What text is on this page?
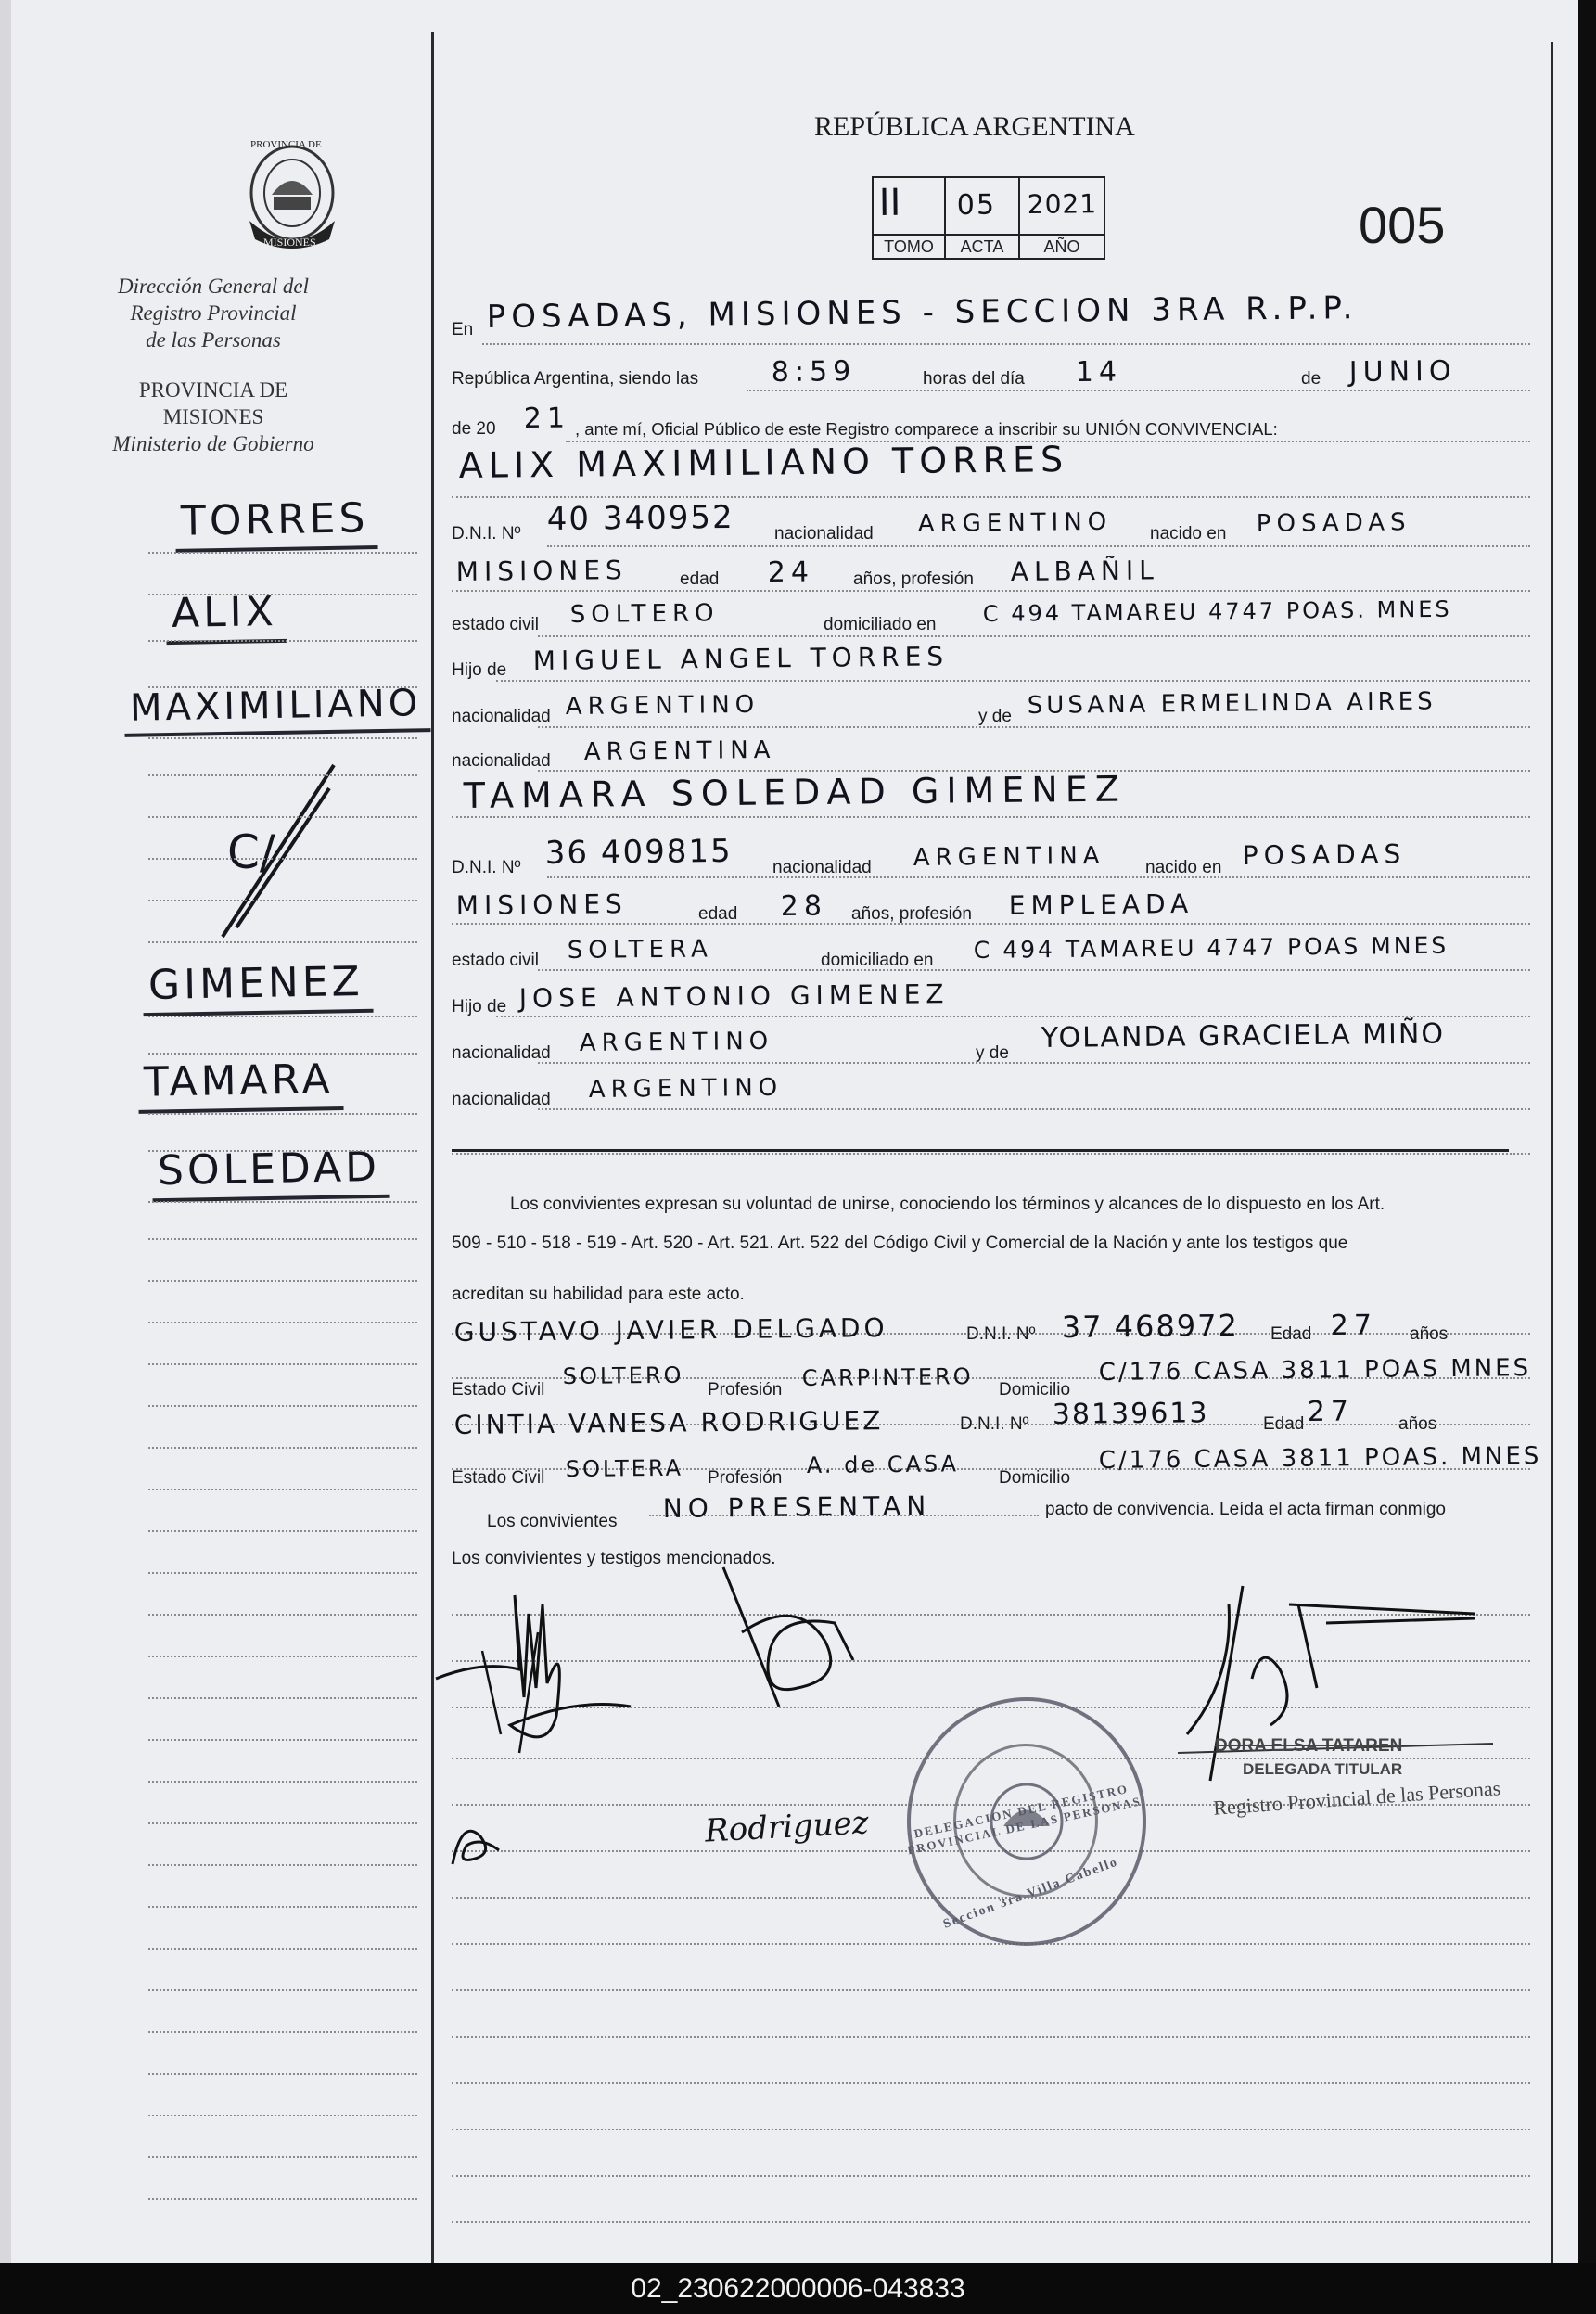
PROVINCIA DE
MISIONES
Dirección General del
Registro Provincial
de las Personas
PROVINCIA DE
MISIONES
Ministerio de Gobierno
TORRES
ALIX
MAXIMILIANO
C/
GIMENEZ
TAMARA
SOLEDAD
REPÚBLICA ARGENTINA
005
II 05 2021
TOMO	ACTA	AÑO
En POSADAS, MISIONES - SECCION 3RA R.P.P.
República Argentina, siendo las	8:59	horas del día 14	de JUNIO
de 20 21 , ante mí, Oficial Público de este Registro comparece a inscribir su UNIÓN CONVIVENCIAL:
ALIX MAXIMILIANO TORRES
D.N.I. Nº 40 340952 nacionalidad ARGENTINO nacido en POSADAS
MISIONES	edad 24 años, profesión ALBAÑIL
estado civil SOLTERO	domiciliado en C 494 TAMAREU 4747 POAS. MNES
Hijo de MIGUEL ANGEL TORRES
nacionalidad ARGENTINO	y de SUSANA ERMELINDA AIRES
nacionalidad ARGENTINA
TAMARA SOLEDAD GIMENEZ
D.N.I. Nº 36 409815 nacionalidad ARGENTINA nacido en POSADAS
MISIONES	edad 28 años, profesión EMPLEADA
estado civil SOLTERA	domiciliado en C 494 TAMAREU 4747 POAS MNES
Hijo de JOSE ANTONIO GIMENEZ
nacionalidad ARGENTINO	y de YOLANDA GRACIELA MIÑO
nacionalidad ARGENTINO
Los convivientes expresan su voluntad de unirse, conociendo los términos y alcances de lo dispuesto en los Art.
509 - 510 - 518 - 519 - Art. 520 - Art. 521. Art. 522 del Código Civil y Comercial de la Nación y ante los testigos que
acreditan su habilidad para este acto.
GUSTAVO JAVIER DELGADO	D.N.I. Nº 37 468972 Edad 27 años
Estado Civil
SOLTERO
Profesión CARPINTERO Domicilio
C/176 CASA 3811 POAS MNES
CINTIA VANESA RODRIGUEZ	D.N.I. Nº 38139613	Edad 27	años
Estado Civil SOLTERA Profesión A. de CASA Domicilio
C/176 CASA 3811 POAS. MNES
Los convivientes NO PRESENTAN	pacto de convivencia. Leída el acta firman conmigo
Los convivientes y testigos mencionados.
Rodriguez
DORA ELSA TATAREN
DELEGADA TITULAR
Registro Provincial de las Personas
DELEGACION DEL REGISTRO PROVINCIAL DE LAS PERSONAS
Seccion 3ra Villa Cabello
02_230622000006-043833
